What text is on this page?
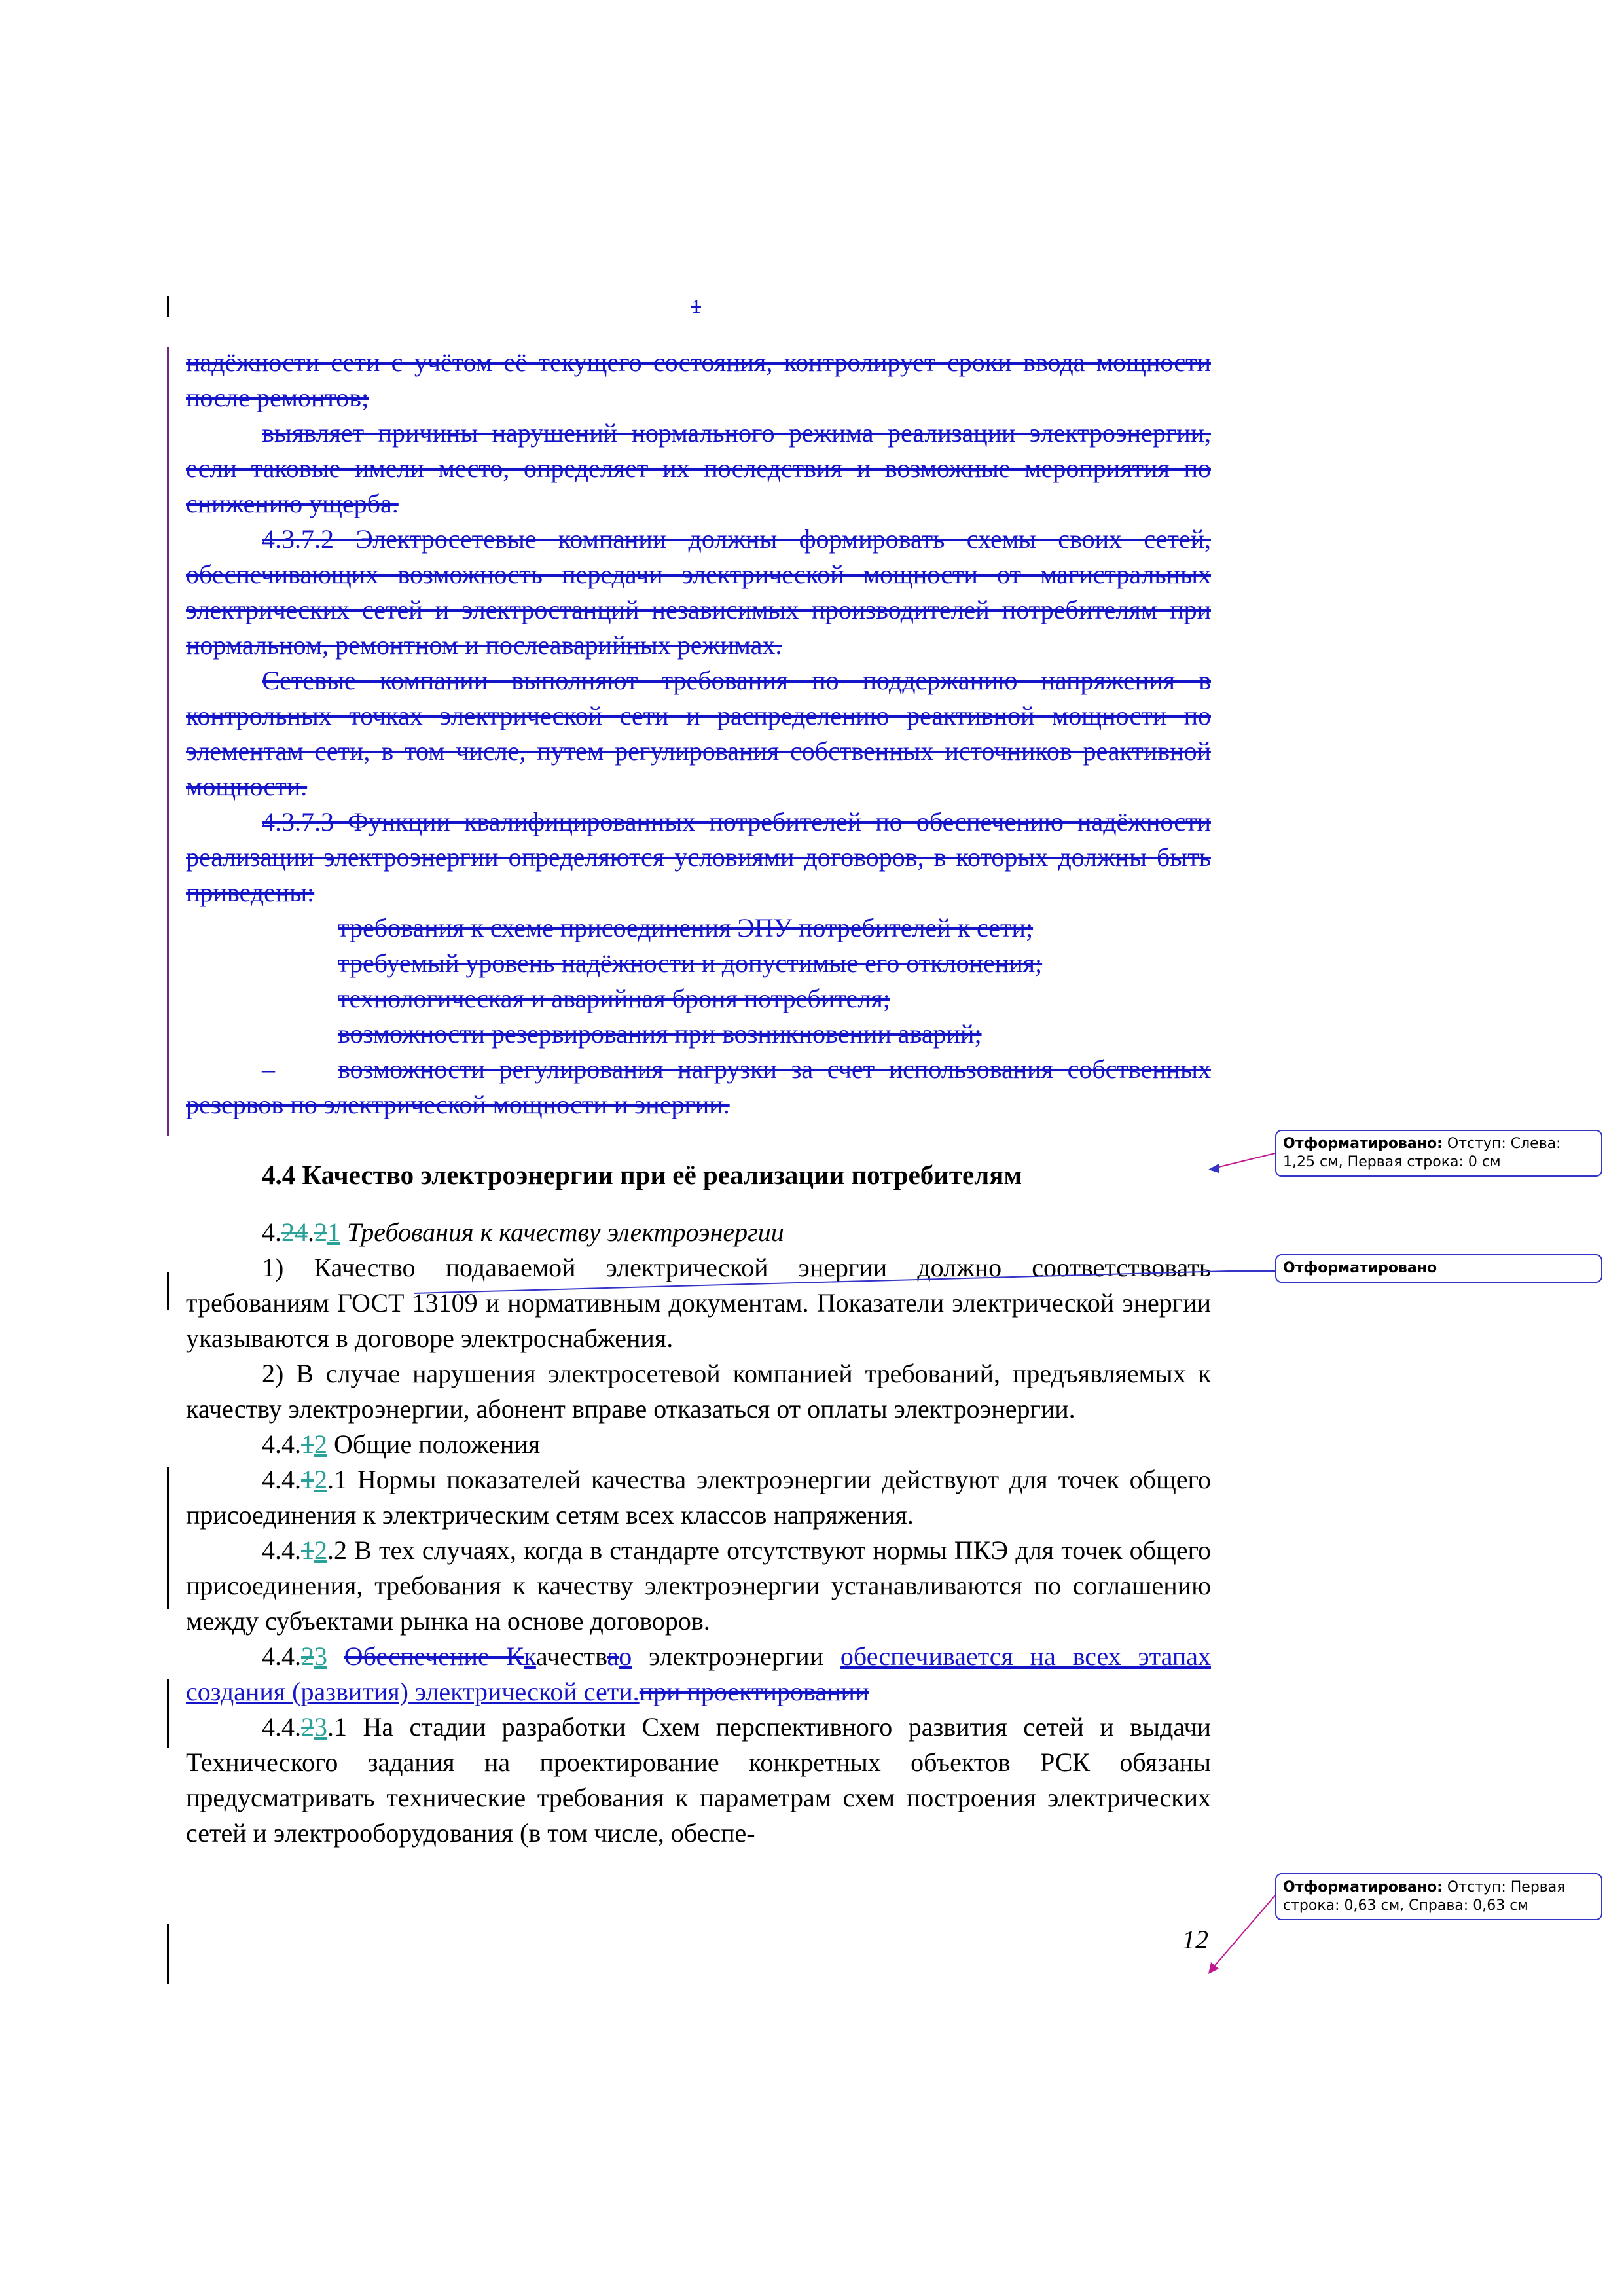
1

надёжности сети с учётом её текущего состояния, контролирует сроки ввода мощности после ремонтов;

выявляет причины нарушений нормального режима реализации электроэнергии, если таковые имели место, определяет их последствия и возможные мероприятия по снижению ущерба.

4.3.7.2 Электросетевые компании должны формировать схемы своих сетей, обеспечивающих возможность передачи электрической мощности от магистральных электрических сетей и электростанций независимых производителей потребителям при нормальном, ремонтном и послеаварийных режимах.

Сетевые компании выполняют требования по поддержанию напряжения в контрольных точках электрической сети и распределению реактивной мощности по элементам сети, в том числе, путем регулирования собственных источников реактивной мощности.

4.3.7.3 Функции квалифицированных потребителей по обеспечению надёжности реализации электроэнергии определяются условиями договоров, в которых должны быть приведены:

требования к схеме присоединения ЭПУ потребителей к сети;

требуемый уровень надёжности и допустимые его отклонения;

технологическая и аварийная броня потребителя;

возможности резервирования при возникновении аварий;

– возможности регулирования нагрузки за счет использования собственных резервов по электрической мощности и энергии.

4.4 Качество электроэнергии при её реализации потребителям

4.24.21 Требования к качеству электроэнергии

1) Качество подаваемой электрической энергии должно соответствовать требованиям ГОСТ 13109 и нормативным документам. Показатели электрической энергии указываются в договоре электроснабжения.

2) В случае нарушения электросетевой компанией требований, предъявляемых к качеству электроэнергии, абонент вправе отказаться от оплаты электроэнергии.

4.4.12 Общие положения

4.4.12.1 Нормы показателей качества электроэнергии действуют для точек общего присоединения к электрическим сетям всех классов напряжения.

4.4.12.2 В тех случаях, когда в стандарте отсутствуют нормы ПКЭ для точек общего присоединения, требования к качеству электроэнергии устанавливаются по соглашению между субъектами рынка на основе договоров.

4.4.23 Обеспечение Ккачествао электроэнергии обеспечивается на всех этапах создания (развития) электрической сети.при проектировании

4.4.23.1 На стадии разработки Схем перспективного развития сетей и выдачи Технического задания на проектирование конкретных объектов РСК обязаны предусматривать технические требования к параметрам схем построения электрических сетей и электрооборудования (в том числе, обеспе-

12
Отформатировано: Отступ: Слева: 1,25 см, Первая строка: 0 см
Отформатировано
Отформатировано: Отступ: Первая строка: 0,63 см, Справа: 0,63 см
